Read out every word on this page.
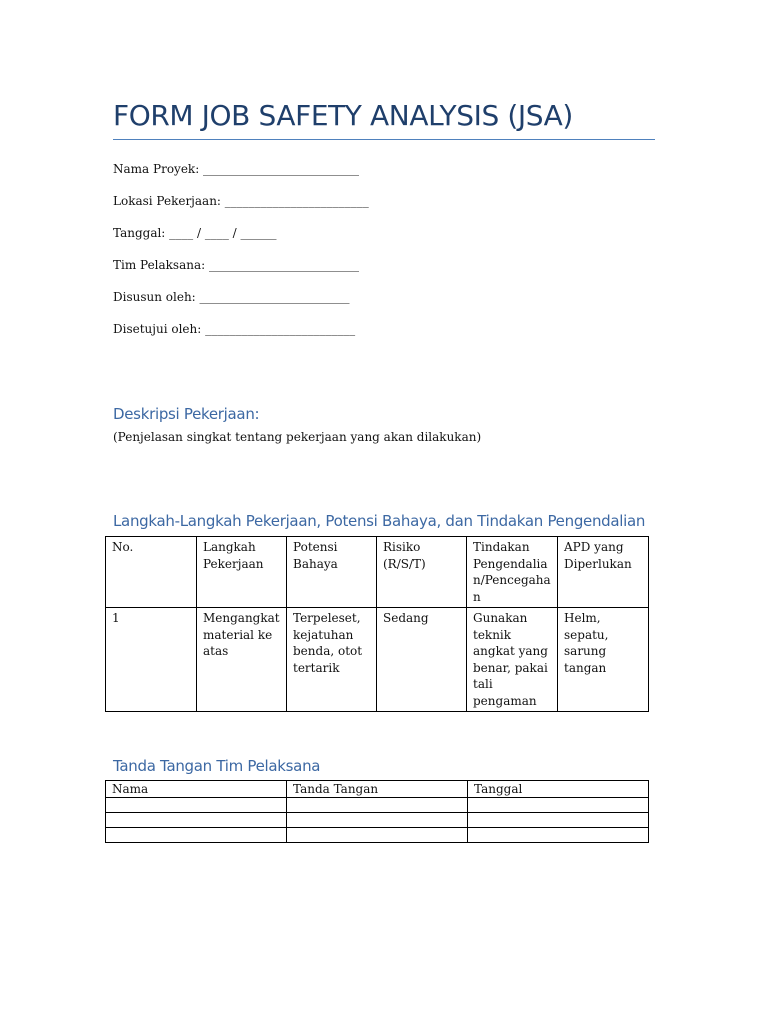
FORM JOB SAFETY ANALYSIS (JSA)
Nama Proyek: __________________________
Lokasi Pekerjaan: ________________________
Tanggal: ____ / ____ / ______
Tim Pelaksana: _________________________
Disusun oleh: _________________________
Disetujui oleh: _________________________
Deskripsi Pekerjaan:
(Penjelasan singkat tentang pekerjaan yang akan dilakukan)
Langkah-Langkah Pekerjaan, Potensi Bahaya, dan Tindakan Pengendalian
No.	Langkah Pekerjaan	Potensi Bahaya	Risiko (R/S/T)	Tindakan Pengendalian/Pencegahan	APD yang Diperlukan
1	Mengangkat material ke atas	Terpeleset, kejatuhan benda, otot tertarik	Sedang	Gunakan teknik angkat yang benar, pakai tali pengaman	Helm, sepatu, sarung tangan
Tanda Tangan Tim Pelaksana
Nama	Tanda Tangan	Tanggal
